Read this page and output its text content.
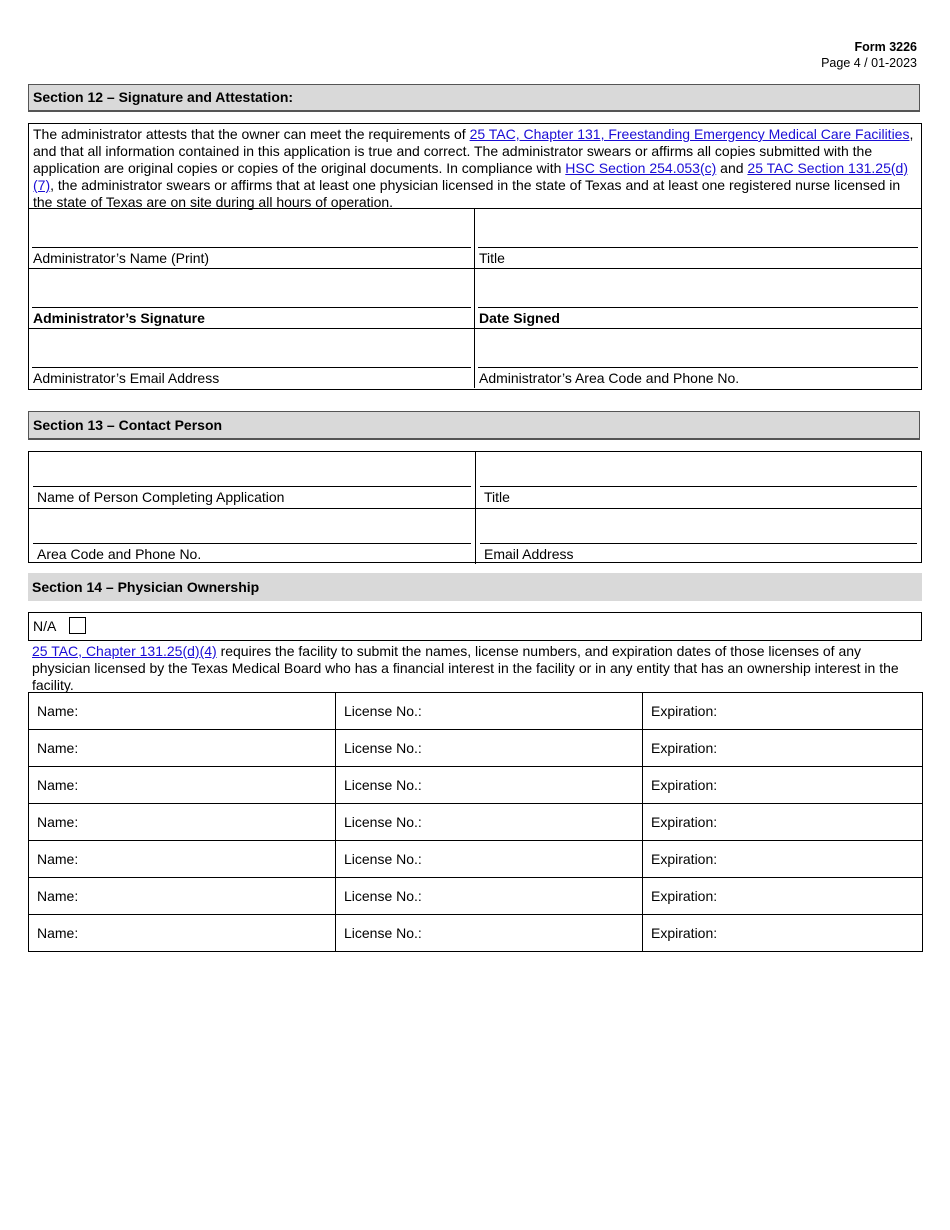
Form 3226
Page 4 / 01-2023
Section 12 – Signature and Attestation:
The administrator attests that the owner can meet the requirements of 25 TAC, Chapter 131, Freestanding Emergency Medical Care Facilities, and that all information contained in this application is true and correct. The administrator swears or affirms all copies submitted with the application are original copies or copies of the original documents. In compliance with HSC Section 254.053(c) and 25 TAC Section 131.25(d)(7), the administrator swears or affirms that at least one physician licensed in the state of Texas and at least one registered nurse licensed in the state of Texas are on site during all hours of operation.
Administrator’s Name (Print)	Title
Administrator’s Signature	Date Signed
Administrator’s Email Address	Administrator’s Area Code and Phone No.
Section 13 – Contact Person
Name of Person Completing Application	Title
Area Code and Phone No.	Email Address
Section 14 – Physician Ownership
N/A
25 TAC, Chapter 131.25(d)(4) requires the facility to submit the names, license numbers, and expiration dates of those licenses of any physician licensed by the Texas Medical Board who has a financial interest in the facility or in any entity that has an ownership interest in the facility.
Name:	License No.:	Expiration:
Name:	License No.:	Expiration:
Name:	License No.:	Expiration:
Name:	License No.:	Expiration:
Name:	License No.:	Expiration:
Name:	License No.:	Expiration:
Name:	License No.:	Expiration:
